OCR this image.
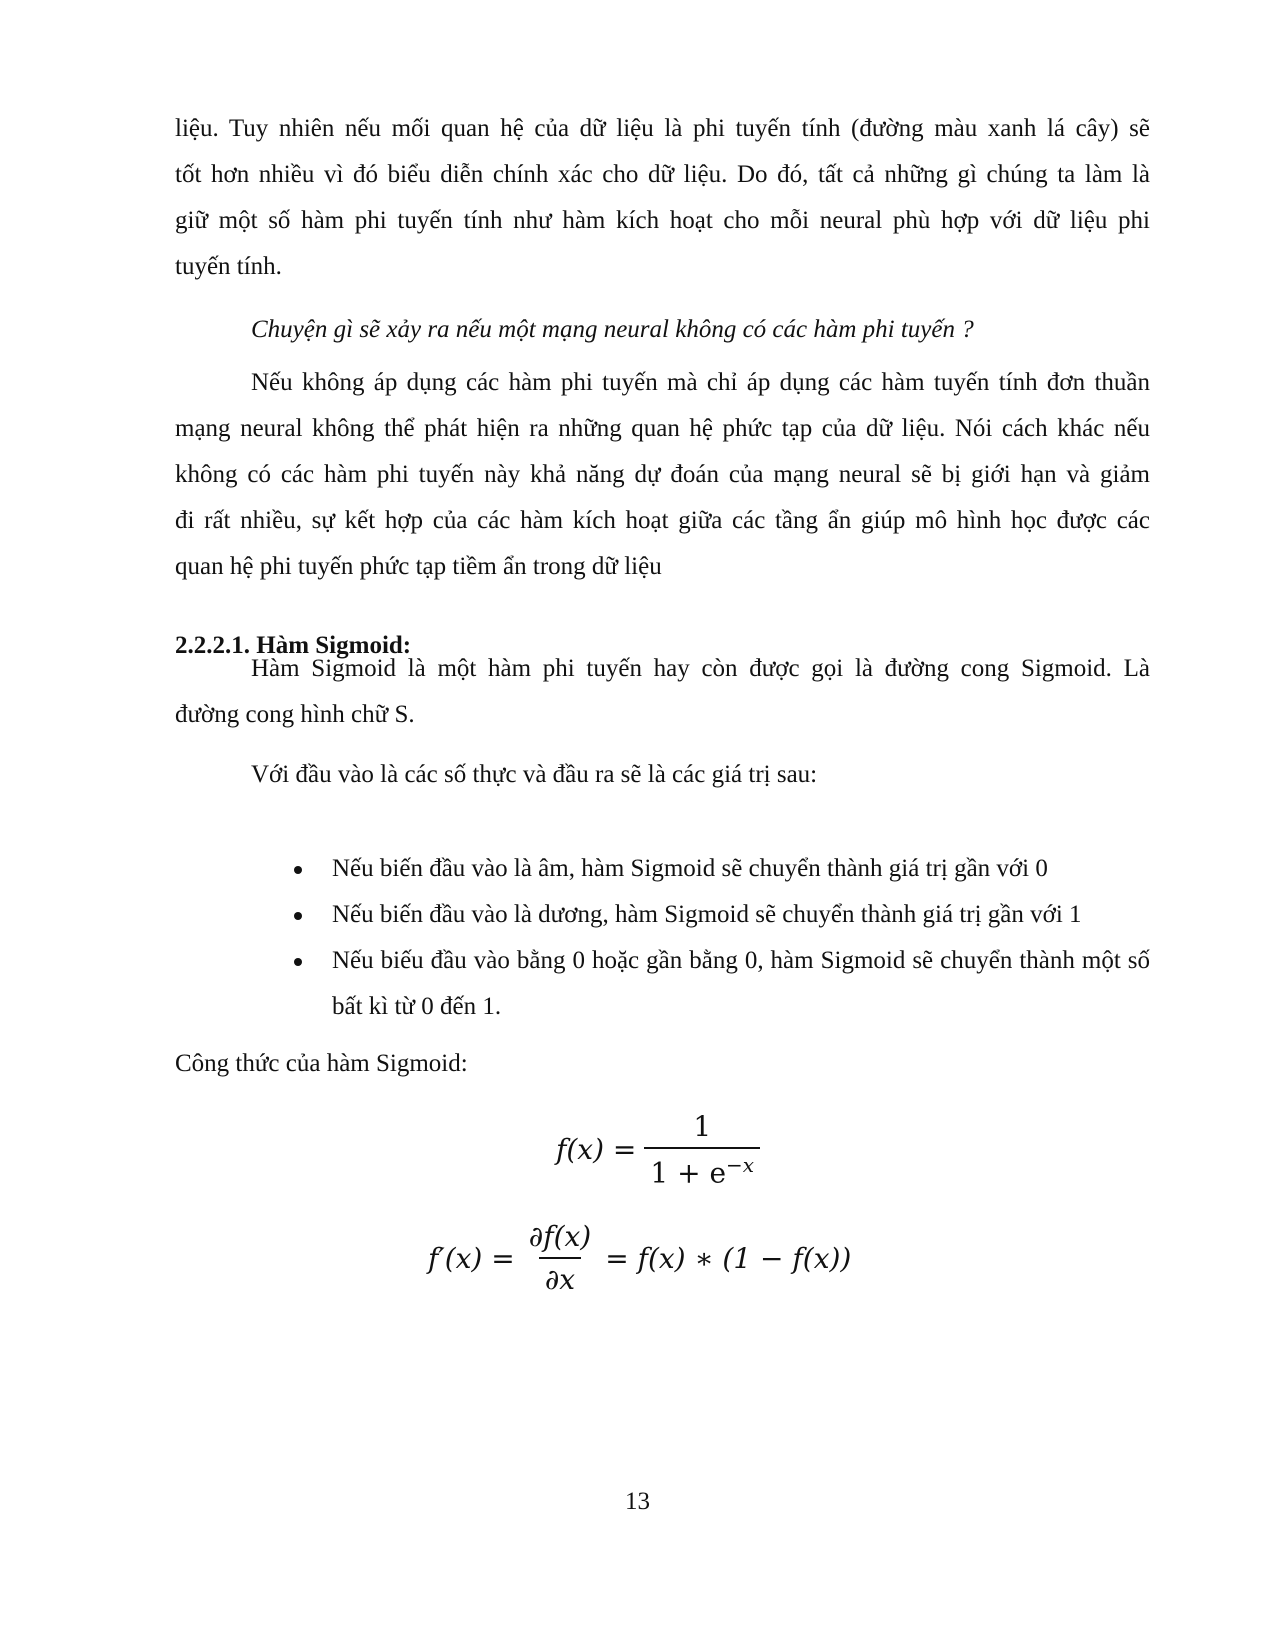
liệu. Tuy nhiên nếu mối quan hệ của dữ liệu là phi tuyến tính (đường màu xanh lá cây) sẽ
tốt hơn nhiều vì đó biểu diễn chính xác cho dữ liệu. Do đó, tất cả những gì chúng ta làm là
giữ một số hàm phi tuyến tính như hàm kích hoạt cho mỗi neural phù hợp với dữ liệu phi
tuyến tính.

Chuyện gì sẽ xảy ra nếu một mạng neural không có các hàm phi tuyến ?

Nếu không áp dụng các hàm phi tuyến mà chỉ áp dụng các hàm tuyến tính đơn thuần
mạng neural không thể phát hiện ra những quan hệ phức tạp của dữ liệu. Nói cách khác nếu
không có các hàm phi tuyến này khả năng dự đoán của mạng neural sẽ bị giới hạn và giảm
đi rất nhiều, sự kết hợp của các hàm kích hoạt giữa các tầng ẩn giúp mô hình học được các
quan hệ phi tuyến phức tạp tiềm ẩn trong dữ liệu

2.2.2.1. Hàm Sigmoid:

Hàm Sigmoid là một hàm phi tuyến hay còn được gọi là đường cong Sigmoid. Là
đường cong hình chữ S.

Với đầu vào là các số thực và đầu ra sẽ là các giá trị sau:

Nếu biến đầu vào là âm, hàm Sigmoid sẽ chuyển thành giá trị gần với 0
Nếu biến đầu vào là dương, hàm Sigmoid sẽ chuyển thành giá trị gần với 1
Nếu biếu đầu vào bằng 0 hoặc gần bằng 0, hàm Sigmoid sẽ chuyển thành một số bất kì từ 0 đến 1.

Công thức của hàm Sigmoid:

$f(x) = \frac{1}{1 + e^{-x}}$
$f'(x) = \frac{\partial f(x)}{\partial x} = f(x)$ ∗ (1 − f(x))
13
